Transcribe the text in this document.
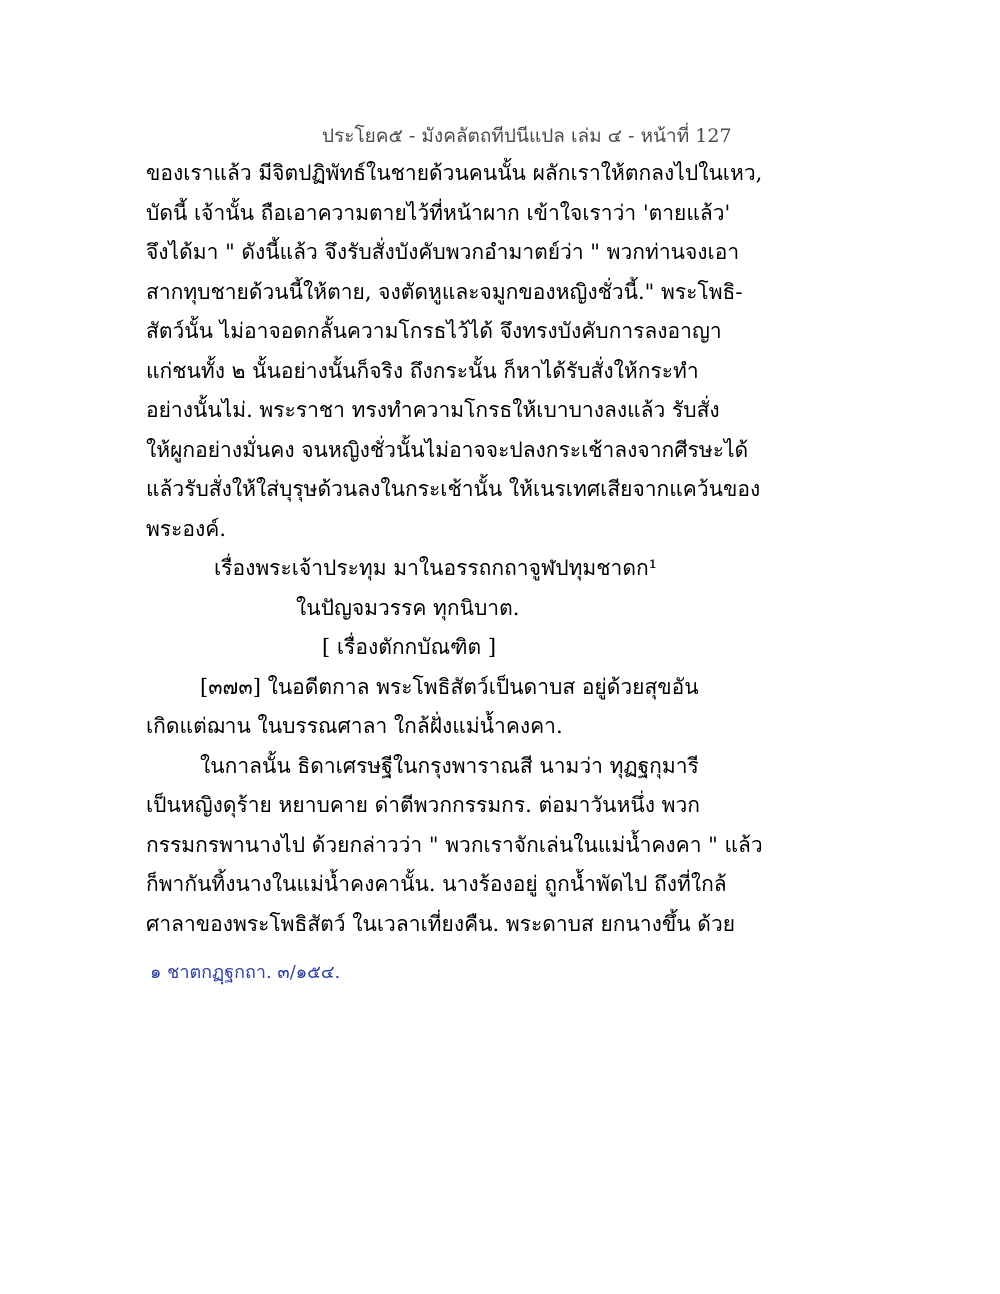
ประโยค๕ - มังคลัตถทีปนีแปล เล่ม ๔ - หน้าที่ 127
ของเราแล้ว มีจิตปฏิพัทธ์ในชายด้วนคนนั้น ผลักเราให้ตกลงไปในเหว,
บัดนี้ เจ้านั้น ถือเอาความตายไว้ที่หน้าผาก เข้าใจเราว่า 'ตายแล้ว'
จึงได้มา " ดังนี้แล้ว จึงรับสั่งบังคับพวกอำมาตย์ว่า " พวกท่านจงเอา
สากทุบชายด้วนนี้ให้ตาย, จงตัดหูและจมูกของหญิงชั่วนี้." พระโพธิ-
สัตว์นั้น ไม่อาจอดกลั้นความโกรธไว้ได้ จึงทรงบังคับการลงอาญา
แก่ชนทั้ง ๒ นั้นอย่างนั้นก็จริง ถึงกระนั้น ก็หาได้รับสั่งให้กระทำ
อย่างนั้นไม่. พระราชา ทรงทำความโกรธให้เบาบางลงแล้ว รับสั่ง
ให้ผูกอย่างมั่นคง จนหญิงชั่วนั้นไม่อาจจะปลงกระเช้าลงจากศีรษะได้
แล้วรับสั่งให้ใส่บุรุษด้วนลงในกระเช้านั้น ให้เนรเทศเสียจากแคว้นของ
พระองค์.
เรื่องพระเจ้าประทุม มาในอรรถกถาจูฬปทุมชาดก¹
ในปัญจมวรรค ทุกนิบาต.
[ เรื่องตักกบัณฑิต ]
[๓๗๓] ในอดีตกาล พระโพธิสัตว์เป็นดาบส อยู่ด้วยสุขอัน
เกิดแต่ฌาน ในบรรณศาลา ใกล้ฝั่งแม่น้ำคงคา.
ในกาลนั้น ธิดาเศรษฐีในกรุงพาราณสี นามว่า ทุฏฐกุมารี
เป็นหญิงดุร้าย หยาบคาย ด่าตีพวกกรรมกร. ต่อมาวันหนึ่ง พวก
กรรมกรพานางไป ด้วยกล่าวว่า " พวกเราจักเล่นในแม่น้ำคงคา " แล้ว
ก็พากันทิ้งนางในแม่น้ำคงคานั้น. นางร้องอยู่ ถูกน้ำพัดไป ถึงที่ใกล้
ศาลาของพระโพธิสัตว์ ในเวลาเที่ยงคืน. พระดาบส ยกนางขึ้น ด้วย
๑ ชาตกฏฺฐกถา. ๓/๑๕๔.
